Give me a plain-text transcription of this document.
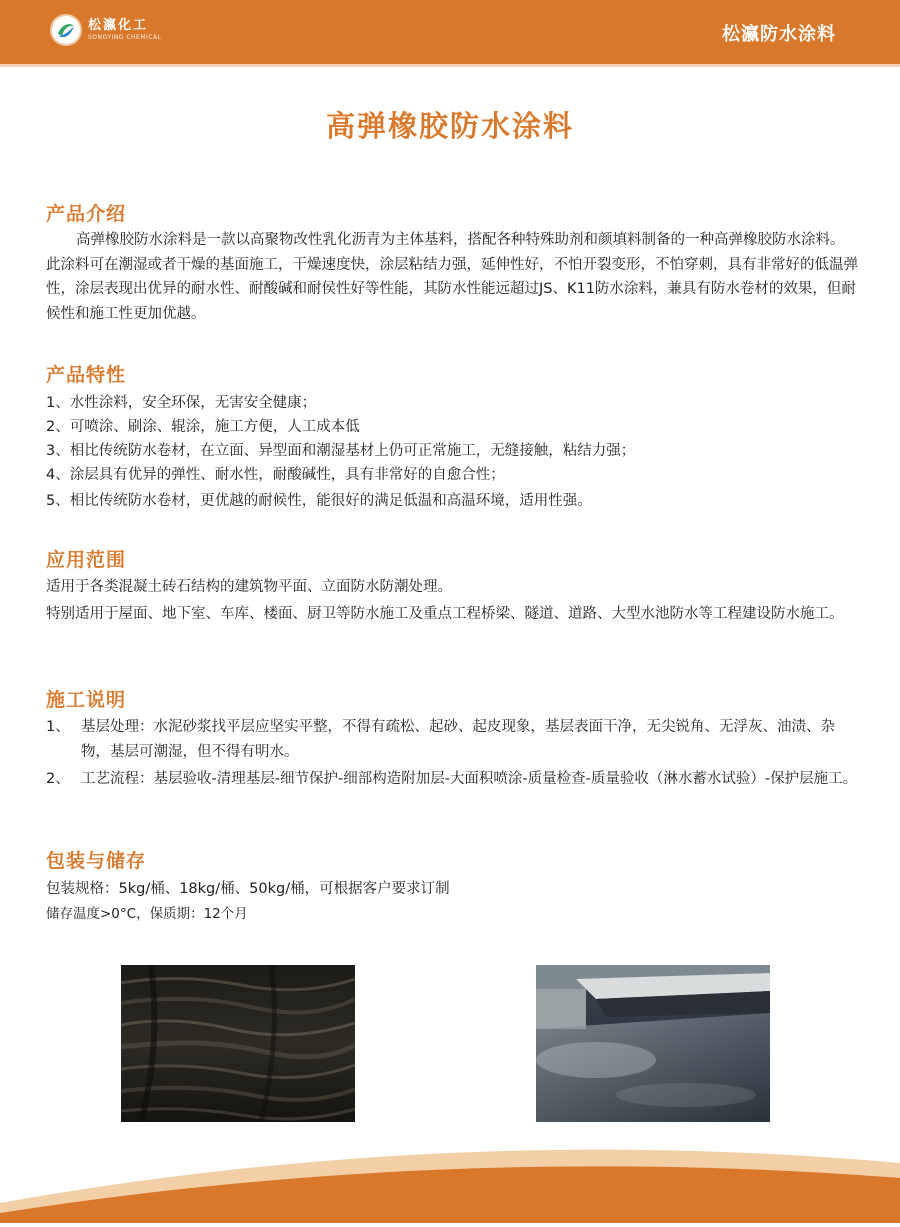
松瀛化工
SONGYING CHEMICAL	松瀛防水涂料
高弹橡胶防水涂料
产品介绍
高弹橡胶防水涂料是一款以高聚物改性乳化沥青为主体基料，搭配各种特殊助剂和颜填料制备的一种高弹橡胶防水涂料。此涂料可在潮湿或者干燥的基面施工，干燥速度快，涂层粘结力强，延伸性好，不怕开裂变形，不怕穿刺，具有非常好的低温弹性，涂层表现出优异的耐水性、耐酸碱和耐侯性好等性能，其防水性能远超过JS、K11防水涂料，兼具有防水卷材的效果，但耐候性和施工性更加优越。
产品特性
1、水性涂料，安全环保，无害安全健康；
2、可喷涂、刷涂、辊涂，施工方便，人工成本低
3、相比传统防水卷材，在立面、异型面和潮湿基材上仍可正常施工，无缝接触，粘结力强；
4、涂层具有优异的弹性、耐水性，耐酸碱性，具有非常好的自愈合性；
5、相比传统防水卷材，更优越的耐候性，能很好的满足低温和高温环境，适用性强。
应用范围
适用于各类混凝土砖石结构的建筑物平面、立面防水防潮处理。
特别适用于屋面、地下室、车库、楼面、厨卫等防水施工及重点工程桥梁、隧道、道路、大型水池防水等工程建设防水施工。
施工说明
1、 基层处理：水泥砂浆找平层应坚实平整，不得有疏松、起砂、起皮现象，基层表面干净，无尖锐角、无浮灰、油渍、杂物，基层可潮湿，但不得有明水。
2、 工艺流程：基层验收-清理基层-细节保护-细部构造附加层-大面积喷涂-质量检查-质量验收（淋水蓄水试验）-保护层施工。
包装与储存
包装规格：5kg/桶、18kg/桶、50kg/桶，可根据客户要求订制
储存温度>0°C，保质期：12个月
